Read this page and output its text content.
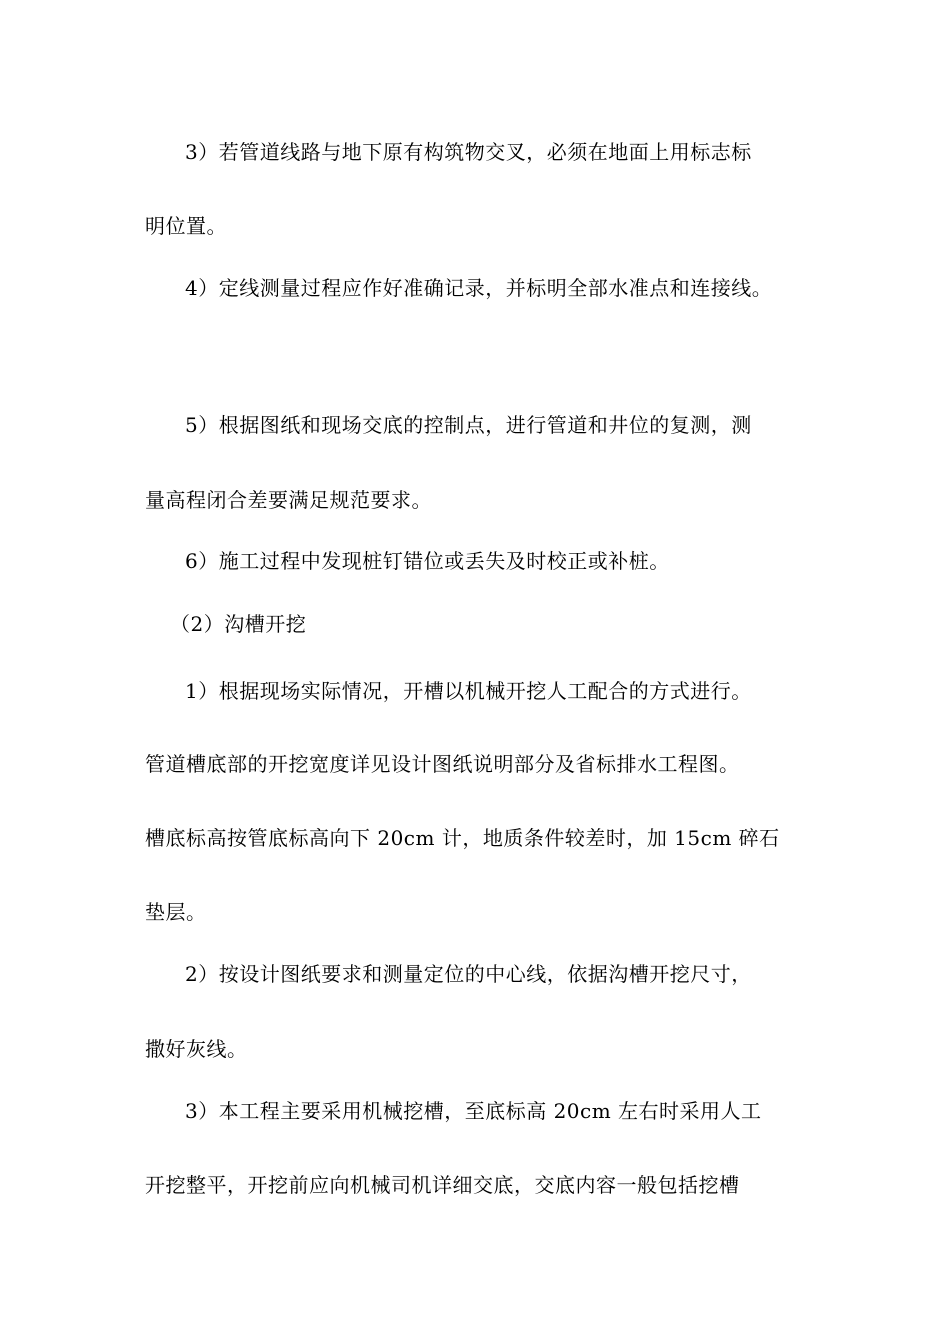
3）若管道线路与地下原有构筑物交叉，必须在地面上用标志标
明位置。
4）定线测量过程应作好准确记录，并标明全部水准点和连接线。
5）根据图纸和现场交底的控制点，进行管道和井位的复测，测
量高程闭合差要满足规范要求。
6）施工过程中发现桩钉错位或丢失及时校正或补桩。
（2）沟槽开挖
1）根据现场实际情况，开槽以机械开挖人工配合的方式进行。
管道槽底部的开挖宽度详见设计图纸说明部分及省标排水工程图。
槽底标高按管底标高向下 20cm 计，地质条件较差时，加 15cm 碎石
垫层。
2）按设计图纸要求和测量定位的中心线，依据沟槽开挖尺寸，
撒好灰线。
3）本工程主要采用机械挖槽，至底标高 20cm 左右时采用人工
开挖整平，开挖前应向机械司机详细交底，交底内容一般包括挖槽
